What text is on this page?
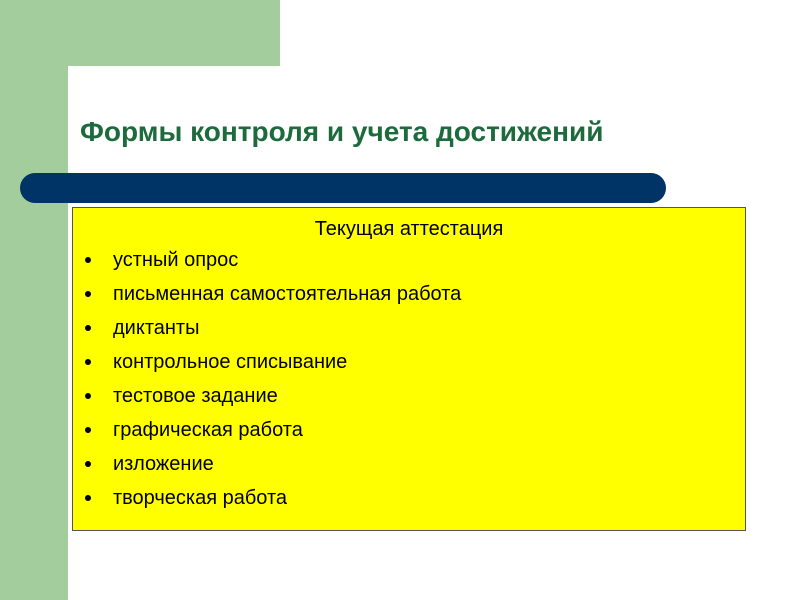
Формы контроля и учета достижений
Текущая аттестация
устный опрос
письменная самостоятельная работа
диктанты
контрольное списывание
тестовое задание
графическая работа
изложение
творческая работа
